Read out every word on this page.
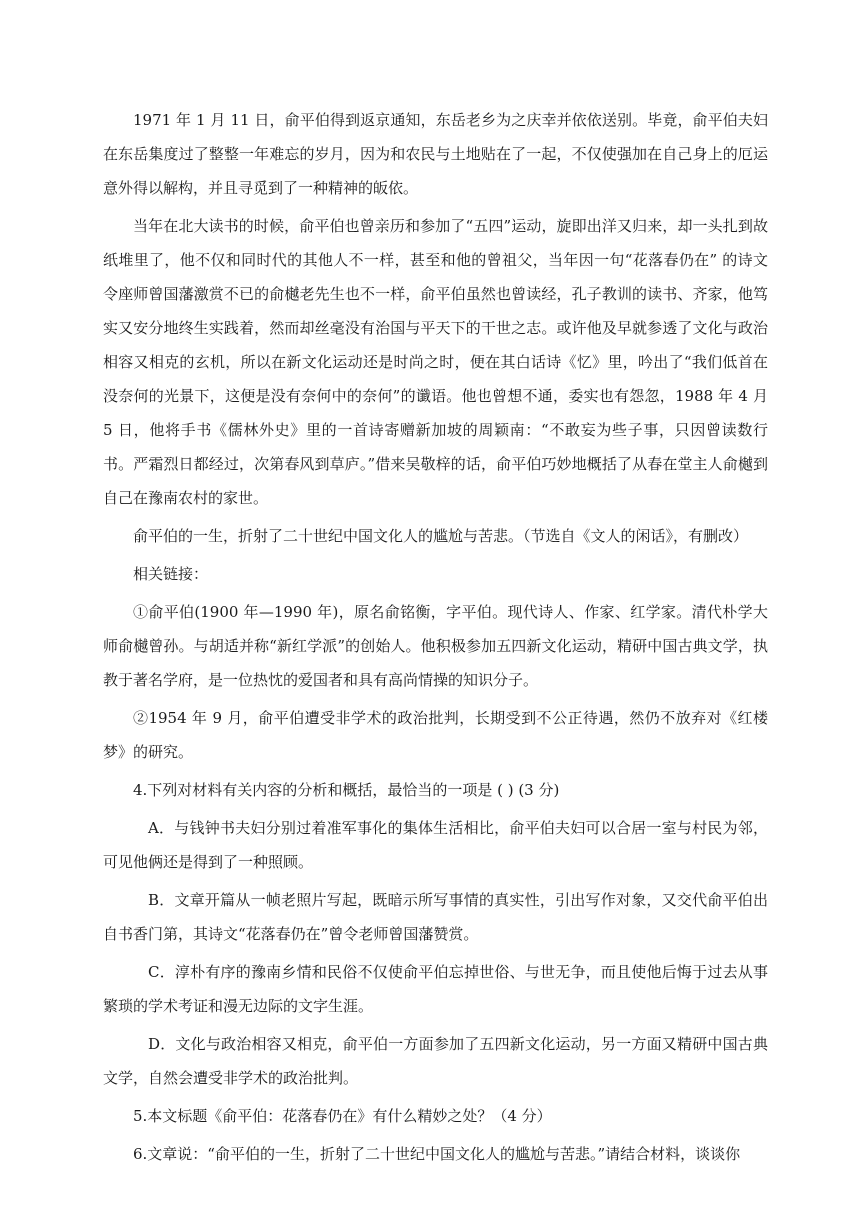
1971 年 1 月 11 日，俞平伯得到返京通知，东岳老乡为之庆幸并依依送别。毕竟，俞平伯夫妇在东岳集度过了整整一年难忘的岁月，因为和农民与土地贴在了一起，不仅使强加在自己身上的厄运意外得以解构，并且寻觅到了一种精神的皈依。

当年在北大读书的时候，俞平伯也曾亲历和参加了“五四”运动，旋即出洋又归来，却一头扎到故纸堆里了，他不仅和同时代的其他人不一样，甚至和他的曾祖父，当年因一句“花落春仍在” 的诗文令座师曾国藩激赏不已的俞樾老先生也不一样，俞平伯虽然也曾读经，孔子教训的读书、齐家，他笃实又安分地终生实践着，然而却丝毫没有治国与平天下的干世之志。或许他及早就参透了文化与政治相容又相克的玄机，所以在新文化运动还是时尚之时，便在其白话诗《忆》里，吟出了“我们低首在没奈何的光景下，这便是没有奈何中的奈何”的谶语。他也曾想不通，委实也有怨忽，1988 年 4 月 5 日，他将手书《儒林外史》里的一首诗寄赠新加坡的周颖南：“不敢妄为些子事，只因曾读数行书。严霜烈日都经过，次第春风到草庐。”借来吴敬梓的话，俞平伯巧妙地概括了从春在堂主人俞樾到自己在豫南农村的家世。

俞平伯的一生，折射了二十世纪中国文化人的尴尬与苦悲。（节选自《文人的闲话》，有删改）

相关链接：

①俞平伯(1900 年—1990 年)，原名俞铭衡，字平伯。现代诗人、作家、红学家。清代朴学大师俞樾曾孙。与胡适并称“新红学派”的创始人。他积极参加五四新文化运动，精研中国古典文学，执教于著名学府，是一位热忱的爱国者和具有高尚情操的知识分子。

②1954 年 9 月，俞平伯遭受非学术的政治批判，长期受到不公正待遇，然仍不放弃对《红楼 梦》的研究。

4.下列对材料有关内容的分析和概括，最恰当的一项是 ( ) (3 分)

A．与钱钟书夫妇分别过着准军事化的集体生活相比，俞平伯夫妇可以合居一室与村民为邻，可见他俩还是得到了一种照顾。

B．文章开篇从一帧老照片写起，既暗示所写事情的真实性，引出写作对象，又交代俞平伯出自书香门第，其诗文“花落春仍在”曾令老师曾国藩赞赏。

C．淳朴有序的豫南乡情和民俗不仅使俞平伯忘掉世俗、与世无争，而且使他后悔于过去从事繁琐的学术考证和漫无边际的文字生涯。

D．文化与政治相容又相克，俞平伯一方面参加了五四新文化运动，另一方面又精研中国古典文学，自然会遭受非学术的政治批判。

5.本文标题《俞平伯：花落春仍在》有什么精妙之处？（4 分）

6.文章说：“俞平伯的一生，折射了二十世纪中国文化人的尴尬与苦悲。”请结合材料，谈谈你
